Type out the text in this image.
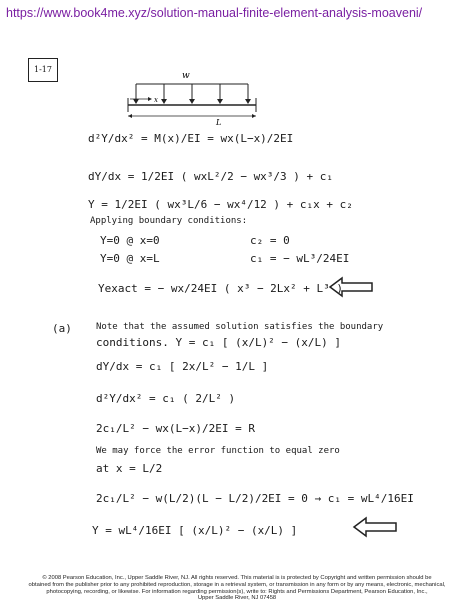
https://www.book4me.xyz/solution-manual-finite-element-analysis-moaveni/
1-17
w
x
L
d²Y/dx² = M(x)/EI = wx(L−x)/2EI
dY/dx = 1/2EI ( wxL²/2 − wx³/3 ) + c₁
Y = 1/2EI ( wx³L/6 − wx⁴/12 ) + c₁x + c₂
Applying boundary conditions:
Y=0 @ x=0	c₂ = 0
Y=0 @ x=L	c₁ = − wL³/24EI
Yexact = − wx/24EI ( x³ − 2Lx² + L³ )
(a)	Note that the assumed solution satisfies the boundary
conditions. Y = c₁ [ (x/L)² − (x/L) ]
dY/dx = c₁ [ 2x/L² − 1/L ]
d²Y/dx² = c₁ ( 2/L² )
2c₁/L² − wx(L−x)/2EI = R
We may force the error function to equal zero
at x = L/2
2c₁/L² − w(L/2)(L − L/2)/2EI = 0 → c₁ = wL⁴/16EI
Y = wL⁴/16EI [ (x/L)² − (x/L) ]
© 2008 Pearson Education, Inc., Upper Saddle River, NJ. All rights reserved. This material is is protected by Copyright and written permission should be
obtained from the publisher prior to any prohibited reproduction, storage in a retrieval system, or transmission in any form or by any means, electronic, mechanical,
photocopying, recording, or likewise. For information regarding permission(s), write to: Rights and Permissions Department, Pearson Education, Inc.,
Upper Saddle River, NJ 07458
